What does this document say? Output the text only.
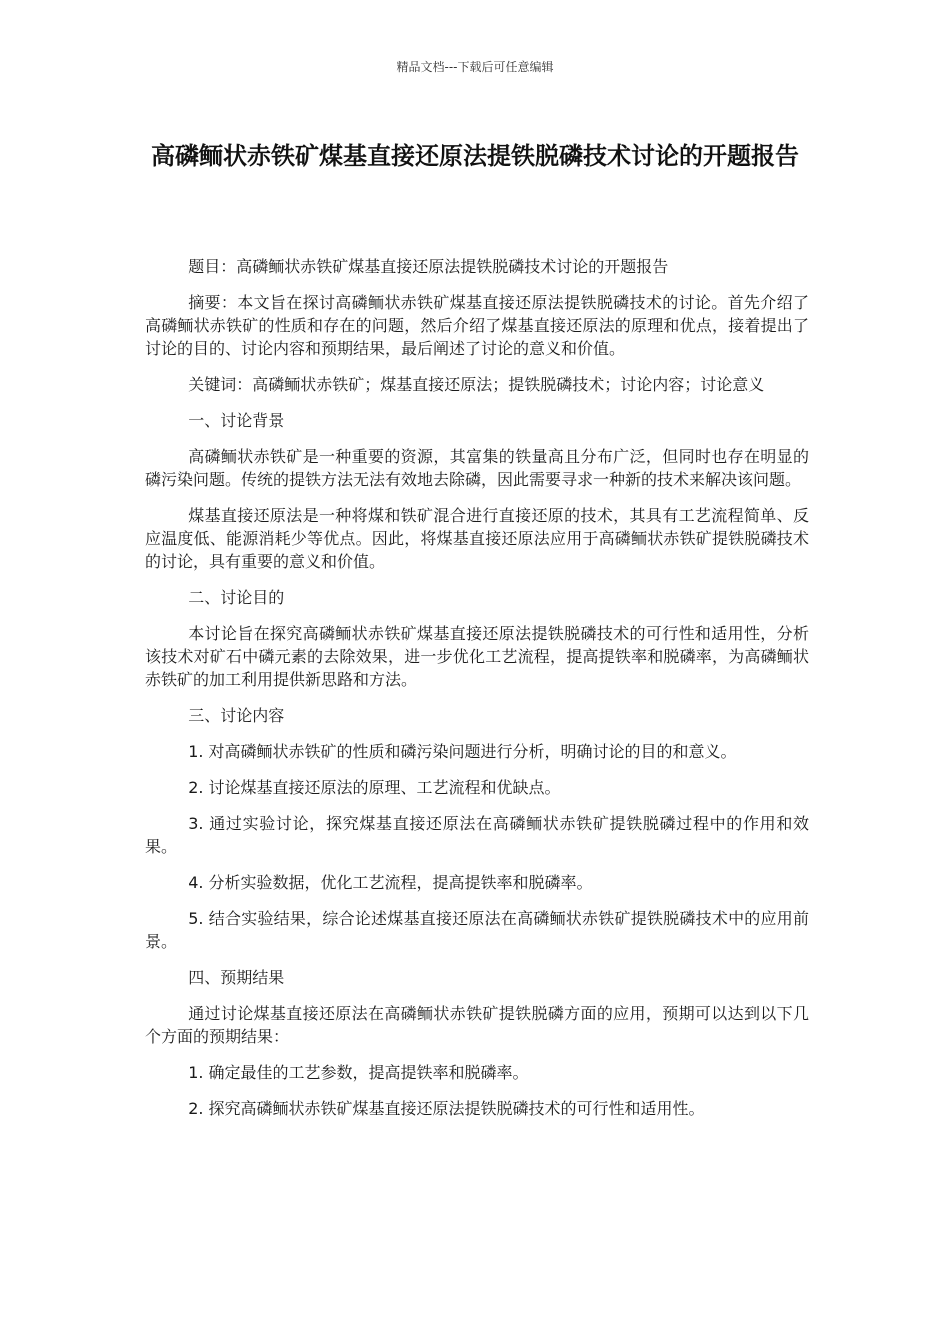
精品文档---下载后可任意编辑
高磷鲕状赤铁矿煤基直接还原法提铁脱磷技术讨论的开题报告

题目：高磷鲕状赤铁矿煤基直接还原法提铁脱磷技术讨论的开题报告

摘要：本文旨在探讨高磷鲕状赤铁矿煤基直接还原法提铁脱磷技术的讨论。首先介绍了高磷鲕状赤铁矿的性质和存在的问题，然后介绍了煤基直接还原法的原理和优点，接着提出了讨论的目的、讨论内容和预期结果，最后阐述了讨论的意义和价值。

关键词：高磷鲕状赤铁矿；煤基直接还原法；提铁脱磷技术；讨论内容；讨论意义

一、讨论背景

高磷鲕状赤铁矿是一种重要的资源，其富集的铁量高且分布广泛，但同时也存在明显的磷污染问题。传统的提铁方法无法有效地去除磷，因此需要寻求一种新的技术来解决该问题。

煤基直接还原法是一种将煤和铁矿混合进行直接还原的技术，其具有工艺流程简单、反应温度低、能源消耗少等优点。因此，将煤基直接还原法应用于高磷鲕状赤铁矿提铁脱磷技术的讨论，具有重要的意义和价值。

二、讨论目的

本讨论旨在探究高磷鲕状赤铁矿煤基直接还原法提铁脱磷技术的可行性和适用性，分析该技术对矿石中磷元素的去除效果，进一步优化工艺流程，提高提铁率和脱磷率，为高磷鲕状赤铁矿的加工利用提供新思路和方法。

三、讨论内容

1. 对高磷鲕状赤铁矿的性质和磷污染问题进行分析，明确讨论的目的和意义。

2. 讨论煤基直接还原法的原理、工艺流程和优缺点。

3. 通过实验讨论，探究煤基直接还原法在高磷鲕状赤铁矿提铁脱磷过程中的作用和效果。

4. 分析实验数据，优化工艺流程，提高提铁率和脱磷率。

5. 结合实验结果，综合论述煤基直接还原法在高磷鲕状赤铁矿提铁脱磷技术中的应用前景。

四、预期结果

通过讨论煤基直接还原法在高磷鲕状赤铁矿提铁脱磷方面的应用，预期可以达到以下几个方面的预期结果：

1. 确定最佳的工艺参数，提高提铁率和脱磷率。

2. 探究高磷鲕状赤铁矿煤基直接还原法提铁脱磷技术的可行性和适用性。
